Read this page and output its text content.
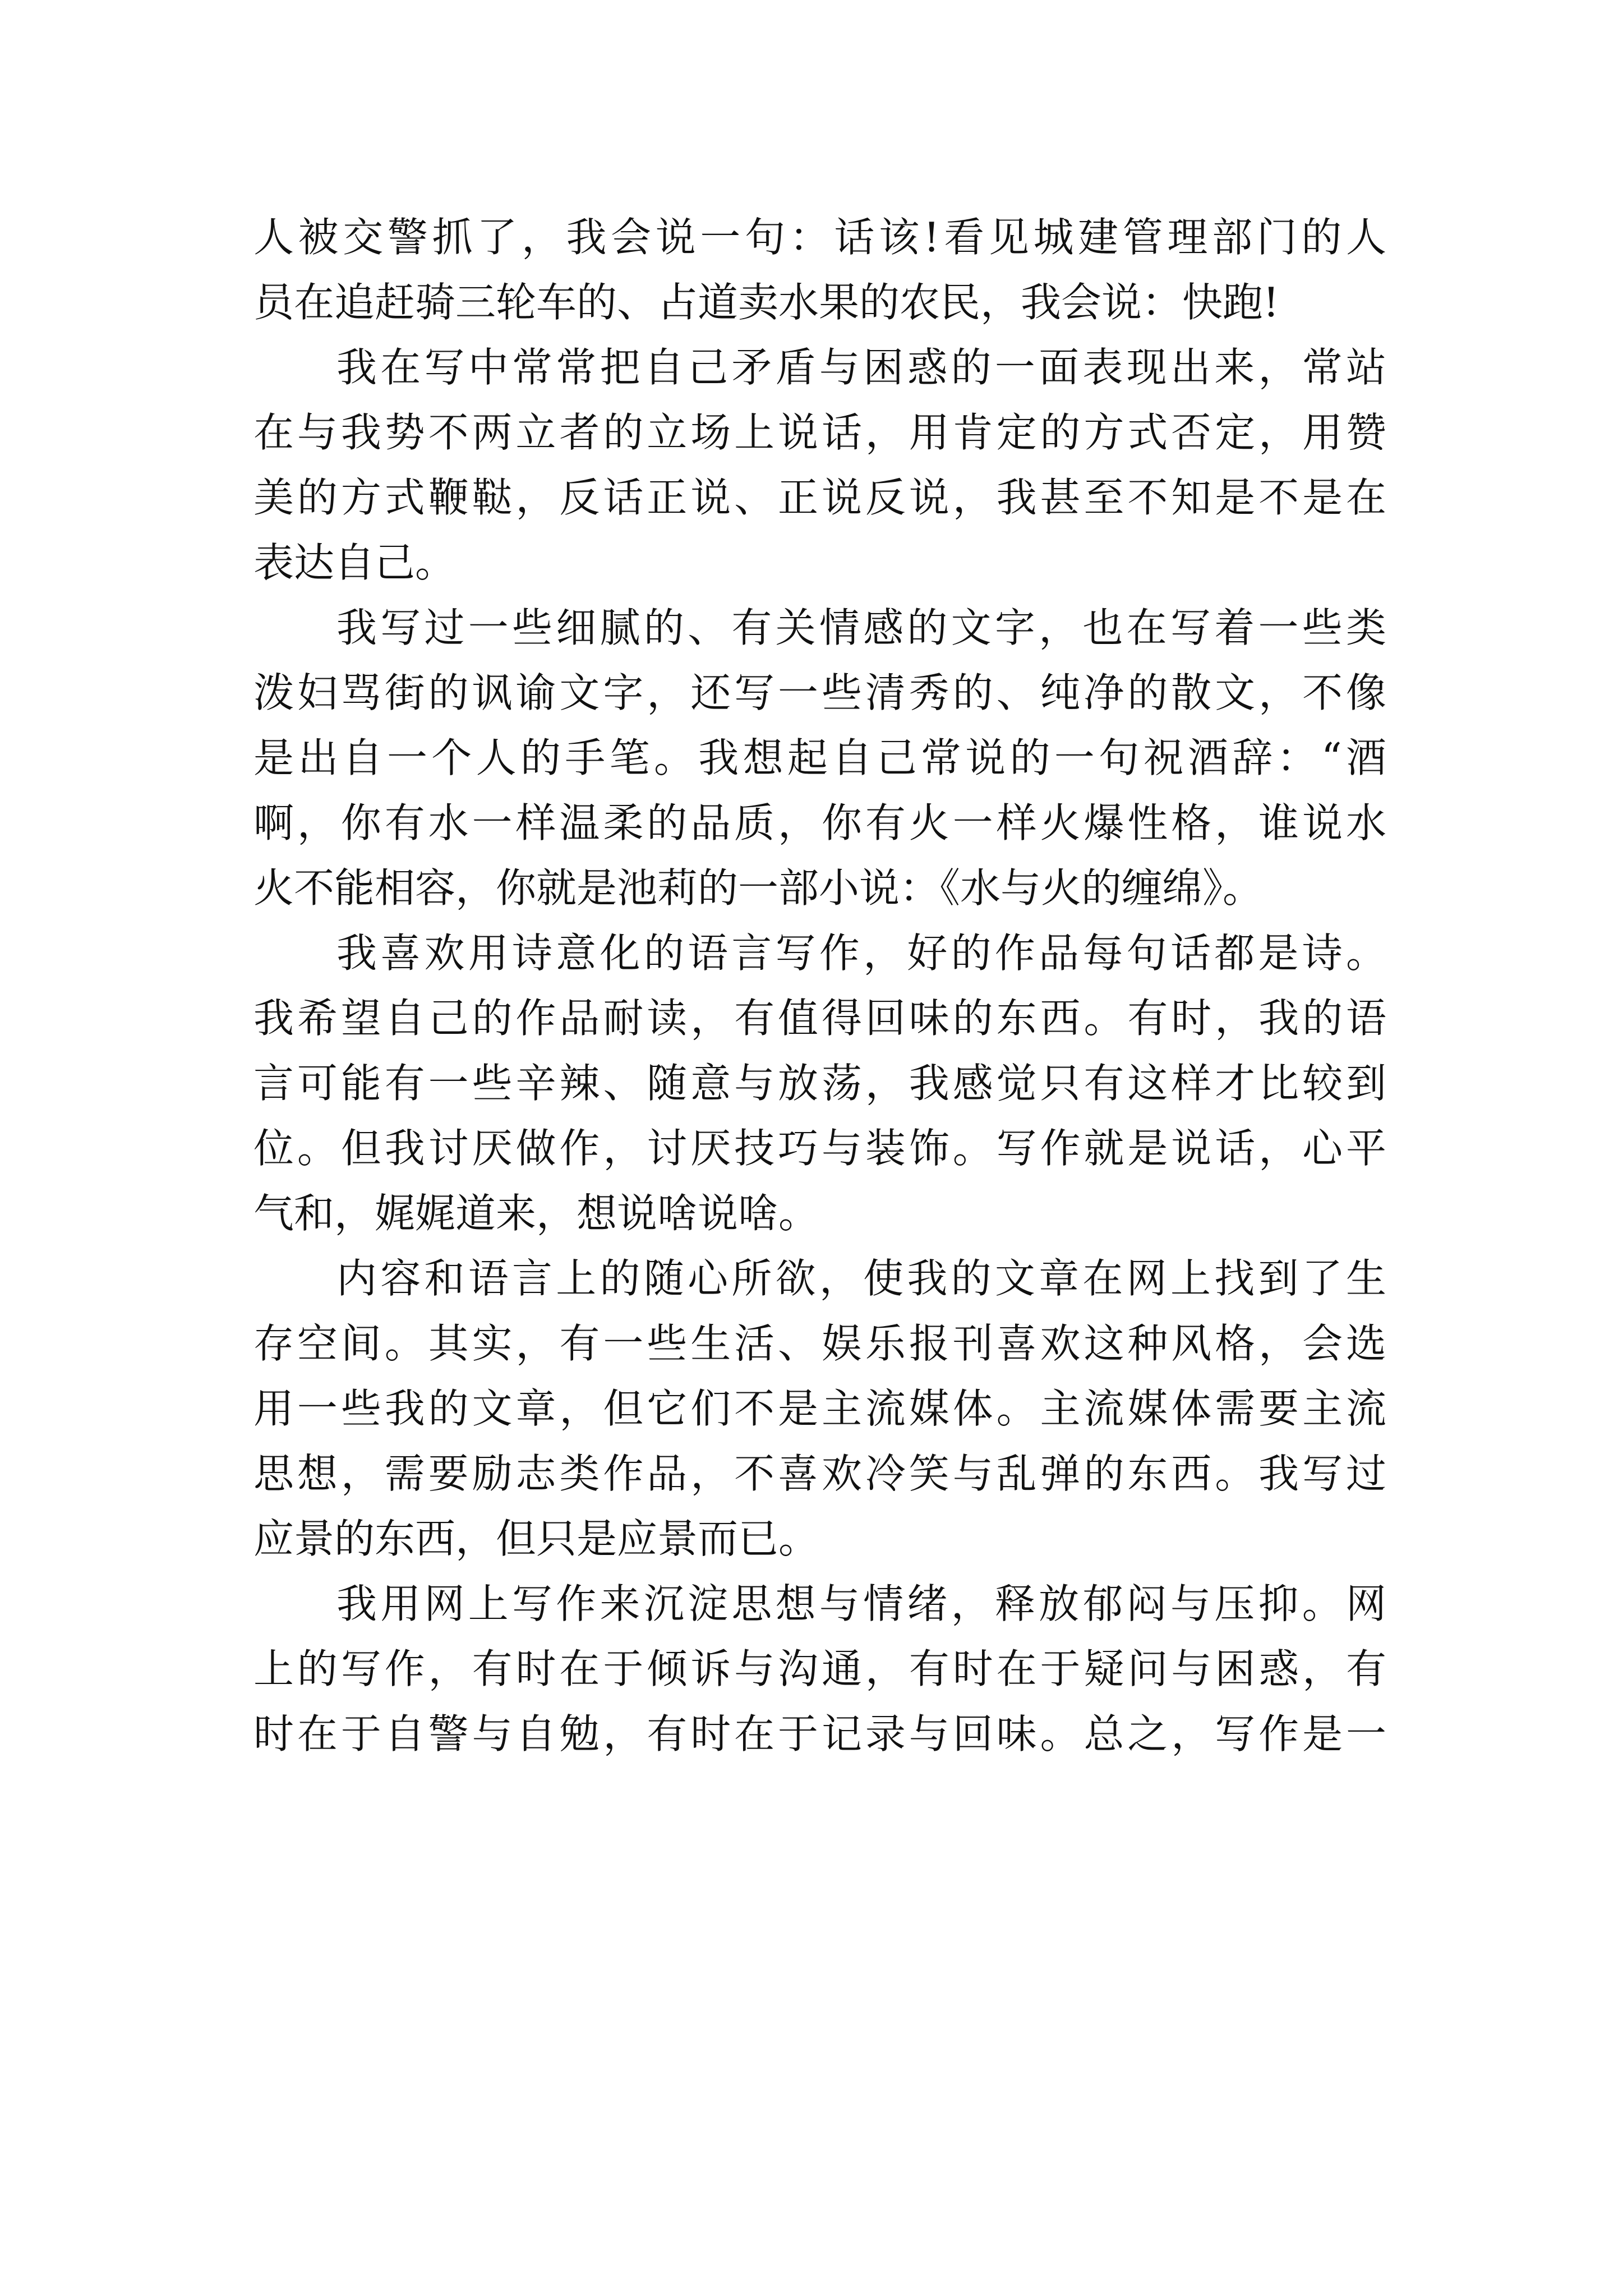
人被交警抓了，我会说一句：话该!看见城建管理部门的人
员在追赶骑三轮车的、占道卖水果的农民，我会说：快跑!
我在写中常常把自己矛盾与困惑的一面表现出来，常站
在与我势不两立者的立场上说话，用肯定的方式否定，用赞
美的方式鞭鞑，反话正说、正说反说，我甚至不知是不是在
表达自己。
我写过一些细腻的、有关情感的文字，也在写着一些类
泼妇骂街的讽谕文字，还写一些清秀的、纯净的散文，不像
是出自一个人的手笔。我想起自己常说的一句祝酒辞：“酒
啊，你有水一样温柔的品质，你有火一样火爆性格，谁说水
火不能相容，你就是池莉的一部小说：《水与火的缠绵》。
我喜欢用诗意化的语言写作，好的作品每句话都是诗。
我希望自己的作品耐读，有值得回味的东西。有时，我的语
言可能有一些辛辣、随意与放荡，我感觉只有这样才比较到
位。但我讨厌做作，讨厌技巧与装饰。写作就是说话，心平
气和，娓娓道来，想说啥说啥。
内容和语言上的随心所欲，使我的文章在网上找到了生
存空间。其实，有一些生活、娱乐报刊喜欢这种风格，会选
用一些我的文章，但它们不是主流媒体。主流媒体需要主流
思想，需要励志类作品，不喜欢冷笑与乱弹的东西。我写过
应景的东西，但只是应景而已。
我用网上写作来沉淀思想与情绪，释放郁闷与压抑。网
上的写作，有时在于倾诉与沟通，有时在于疑问与困惑，有
时在于自警与自勉，有时在于记录与回味。总之，写作是一
